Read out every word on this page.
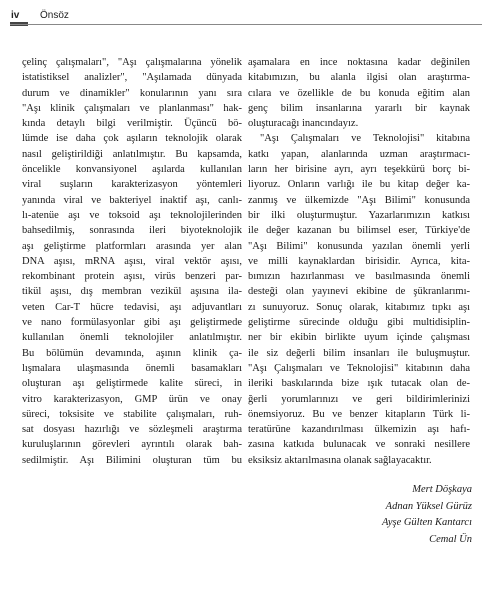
iv Önsöz
çelinç çalışmaları", "Aşı çalışmalarına yönelik
istatistiksel analizler", "Aşılamada dünyada
durum ve dinamikler" konularının yanı sıra
"Aşı klinik çalışmaları ve planlanması" hak-
kında detaylı bilgi verilmiştir. Üçüncü bö-
lümde ise daha çok aşıların teknolojik olarak
nasıl geliştirildiği anlatılmıştır. Bu kapsamda,
öncelikle konvansiyonel aşılarda kullanılan
viral suşların karakterizasyon yöntemleri
yanında viral ve bakteriyel inaktif aşı, canlı-
lı-atenüe aşı ve toksoid aşı teknolojilerinden
bahsedilmiş, sonrasında ileri biyoteknolojik
aşı geliştirme platformları arasında yer alan
DNA aşısı, mRNA aşısı, viral vektör aşısı,
rekombinant protein aşısı, virüs benzeri par-
tikül aşısı, dış membran vezikül aşısına ila-
veten Car-T hücre tedavisi, aşı adjuvantları
ve nano formülasyonlar gibi aşı geliştirmede
kullanılan önemli teknolojiler anlatılmıştır.
Bu bölümün devamında, aşının klinik ça-
lışmalara ulaşmasında önemli basamakları
oluşturan aşı geliştirmede kalite süreci, in
vitro karakterizasyon, GMP ürün ve onay
süreci, toksisite ve stabilite çalışmaları, ruh-
sat dosyası hazırlığı ve sözleşmeli araştırma
kuruluşlarının görevleri ayrıntılı olarak bah-
sedilmiştir. Aşı Bilimini oluşturan tüm bu
aşamalara en ince noktasına kadar değinilen
kitabımızın, bu alanla ilgisi olan araştırma-
cılara ve özellikle de bu konuda eğitim alan
genç bilim insanlarına yararlı bir kaynak
oluşturacağı inancındayız.
"Aşı Çalışmaları ve Teknolojisi" kitabına
katkı yapan, alanlarında uzman araştırmacı-
ların her birisine ayrı, ayrı teşekkürü borç bi-
liyoruz. Onların varlığı ile bu kitap değer ka-
zanmış ve ülkemizde "Aşı Bilimi" konusunda
bir ilki oluşturmuştur. Yazarlarımızın katkısı
ile değer kazanan bu bilimsel eser, Türkiye'de
"Aşı Bilimi" konusunda yazılan önemli yerli
ve milli kaynaklardan birisidir. Ayrıca, kita-
bımızın hazırlanması ve basılmasında önemli
desteği olan yayınevi ekibine de şükranlarımı-
zı sunuyoruz. Sonuç olarak, kitabımız tıpkı aşı
geliştirme sürecinde olduğu gibi multidisiplin-
ner bir ekibin birlikte uyum içinde çalışması
ile siz değerli bilim insanları ile buluşmuştur.
"Aşı Çalışmaları ve Teknolojisi" kitabının daha
ileriki baskılarında bize ışık tutacak olan de-
ğerli yorumlarınızı ve geri bildirimlerinizi
önemsiyoruz. Bu ve benzer kitapların Türk li-
teratürüne kazandırılması ülkemizin aşı hafı-
zasına katkıda bulunacak ve sonraki nesillere
eksiksiz aktarılmasına olanak sağlayacaktır.
Mert Döşkaya
Adnan Yüksel Gürüz
Ayşe Gülten Kantarcı
Cemal Ün
